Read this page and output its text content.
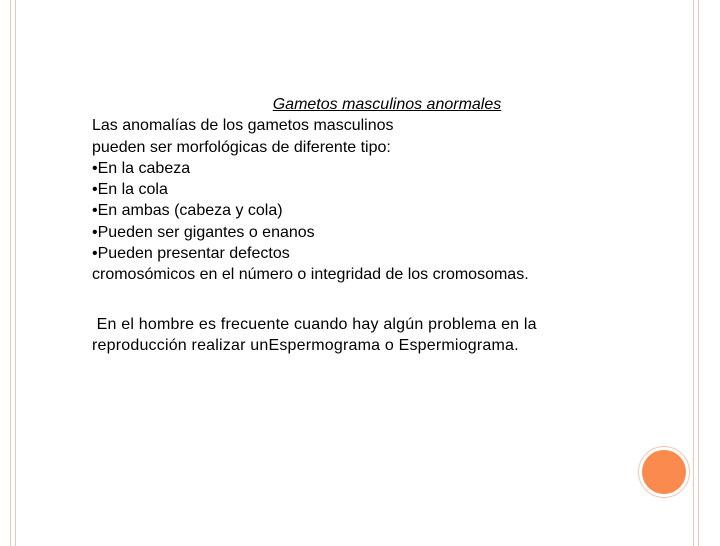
Gametos masculinos anormales
Las anomalías de los gametos masculinos
pueden ser morfológicas de diferente tipo:
•En la cabeza
•En la cola
•En ambas (cabeza y cola)
•Pueden ser gigantes o enanos
•Pueden presentar defectos
cromosómicos en el número o integridad de los cromosomas.
En el hombre es frecuente cuando hay algún problema en la
reproducción realizar unEspermograma o Espermiograma.
